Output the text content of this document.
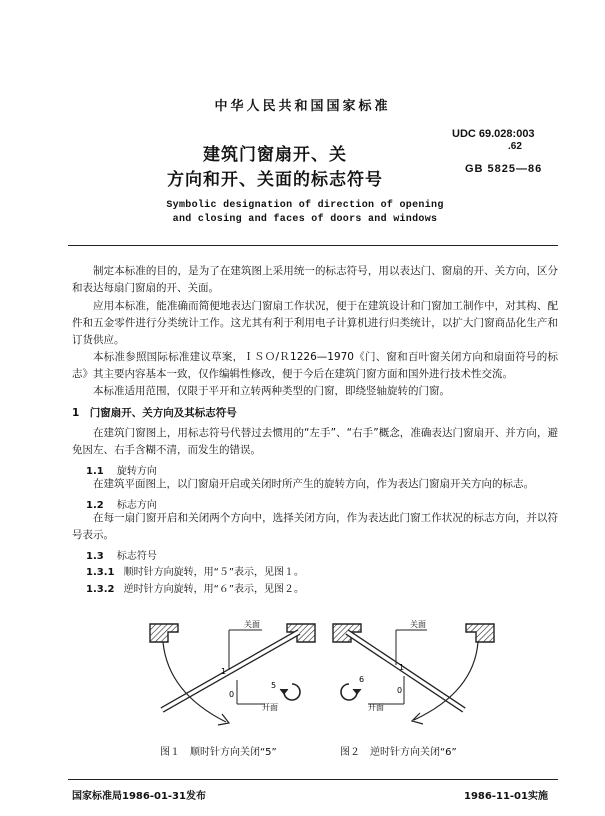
中华人民共和国国家标准
建筑门窗扇开、关
方向和开、关面的标志符号
UDC 69.028:003
.62
GB 5825—86
Symbolic designation of direction of opening
and closing and faces of doors and windows
制定本标准的目的，是为了在建筑图上采用统一的标志符号，用以表达门、窗扇的开、关方向，区分和表达每扇门窗扇的开、关面。
应用本标准，能准确而简便地表达门窗扇工作状况，便于在建筑设计和门窗加工制作中，对其构、配件和五金零件进行分类统计工作。这尤其有利于利用电子计算机进行归类统计，以扩大门窗商品化生产和订货供应。
本标准参照国际标准建议草案，ＩＳＯ/Ｒ1226—1970《门、窗和百叶窗关闭方向和扇面符号的标志》其主要内容基本一致，仅作编辑性修改，便于今后在建筑门窗方面和国外进行技术性交流。
本标准适用范围，仅限于平开和立转两种类型的门窗，即绕竖轴旋转的门窗。
1　门窗扇开、关方向及其标志符号
在建筑门窗图上，用标志符号代替过去惯用的“左手”、“右手”概念，准确表达门窗扇开、并方向，避免因左、右手含糊不清，而发生的错误。
1.1 旋转方向
在建筑平面图上，以门窗扇开启或关闭时所产生的旋转方向，作为表达门窗扇开关方向的标志。
1.2 标志方向
在每一扇门窗开启和关闭两个方向中，选择关闭方向，作为表达此门窗工作状况的标志方向，并以符号表示。
1.3 标志符号
1.3.1 顺时针方向旋转，用“５”表示，见图１。
1.3.2 逆时针方向旋转，用“６”表示，见图２。
关面
开面
1
0
5
关面
开面
1
0
6
图１　顺时针方向关闭“5”	图２　逆时针方向关闭“6”
国家标准局1986-01-31发布	1986-11-01实施
